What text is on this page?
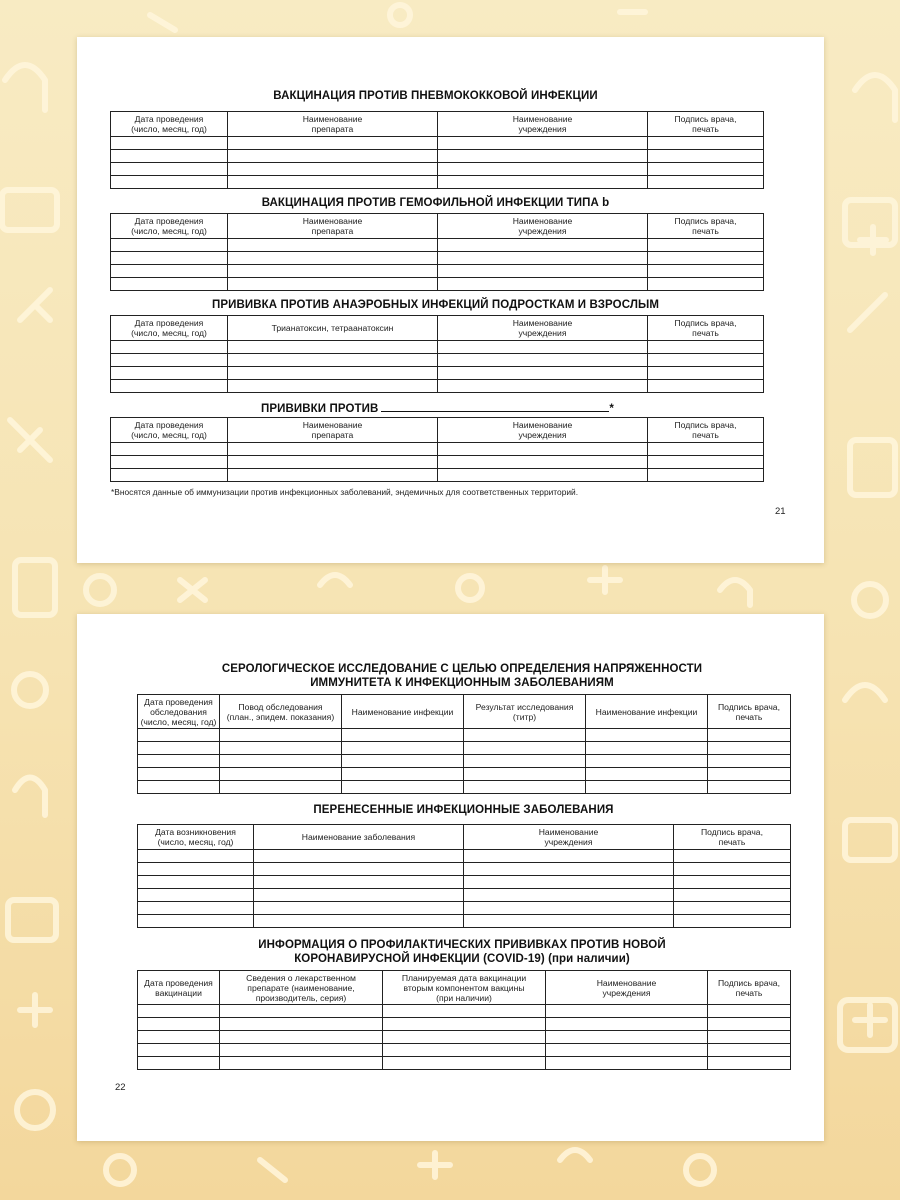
ВАКЦИНАЦИЯ ПРОТИВ ПНЕВМОКОККОВОЙ ИНФЕКЦИИ
Дата проведения
(число, месяц, год)	Наименование
препарата	Наименование
учреждения	Подпись врача,
печать

ВАКЦИНАЦИЯ ПРОТИВ ГЕМОФИЛЬНОЙ ИНФЕКЦИИ ТИПА b
Дата проведения
(число, месяц, год)	Наименование
препарата	Наименование
учреждения	Подпись врача,
печать

ПРИВИВКА ПРОТИВ АНАЭРОБНЫХ ИНФЕКЦИЙ ПОДРОСТКАМ И ВЗРОСЛЫМ
Дата проведения
(число, месяц, год)	Трианатоксин, тетраанатоксин	Наименование
учреждения	Подпись врача,
печать

ПРИВИВКИ ПРОТИВ	*
Дата проведения
(число, месяц, год)	Наименование
препарата	Наименование
учреждения	Подпись врача,
печать

*Вносятся данные об иммунизации против инфекционных заболеваний, эндемичных для соответственных территорий.
21
СЕРОЛОГИЧЕСКОЕ ИССЛЕДОВАНИЕ С ЦЕЛЬЮ ОПРЕДЕЛЕНИЯ НАПРЯЖЕННОСТИ ИММУНИТЕТА К ИНФЕКЦИОННЫМ ЗАБОЛЕВАНИЯМ
Дата проведения
обследования
(число, месяц, год)	Повод обследования
(план., эпидем. показания)	Наименование инфекции	Результат исследования
(титр)	Наименование инфекции	Подпись врача,
печать

ПЕРЕНЕСЕННЫЕ ИНФЕКЦИОННЫЕ ЗАБОЛЕВАНИЯ
Дата возникновения
(число, месяц, год)	Наименование заболевания	Наименование
учреждения	Подпись врача,
печать

ИНФОРМАЦИЯ О ПРОФИЛАКТИЧЕСКИХ ПРИВИВКАХ ПРОТИВ НОВОЙ КОРОНАВИРУСНОЙ ИНФЕКЦИИ (COVID-19) (при наличии)
Дата проведения
вакцинации	Сведения о лекарственном
препарате (наименование,
производитель, серия)	Планируемая дата вакцинации
вторым компонентом вакцины
(при наличии)	Наименование
учреждения	Подпись врача,
печать

22
